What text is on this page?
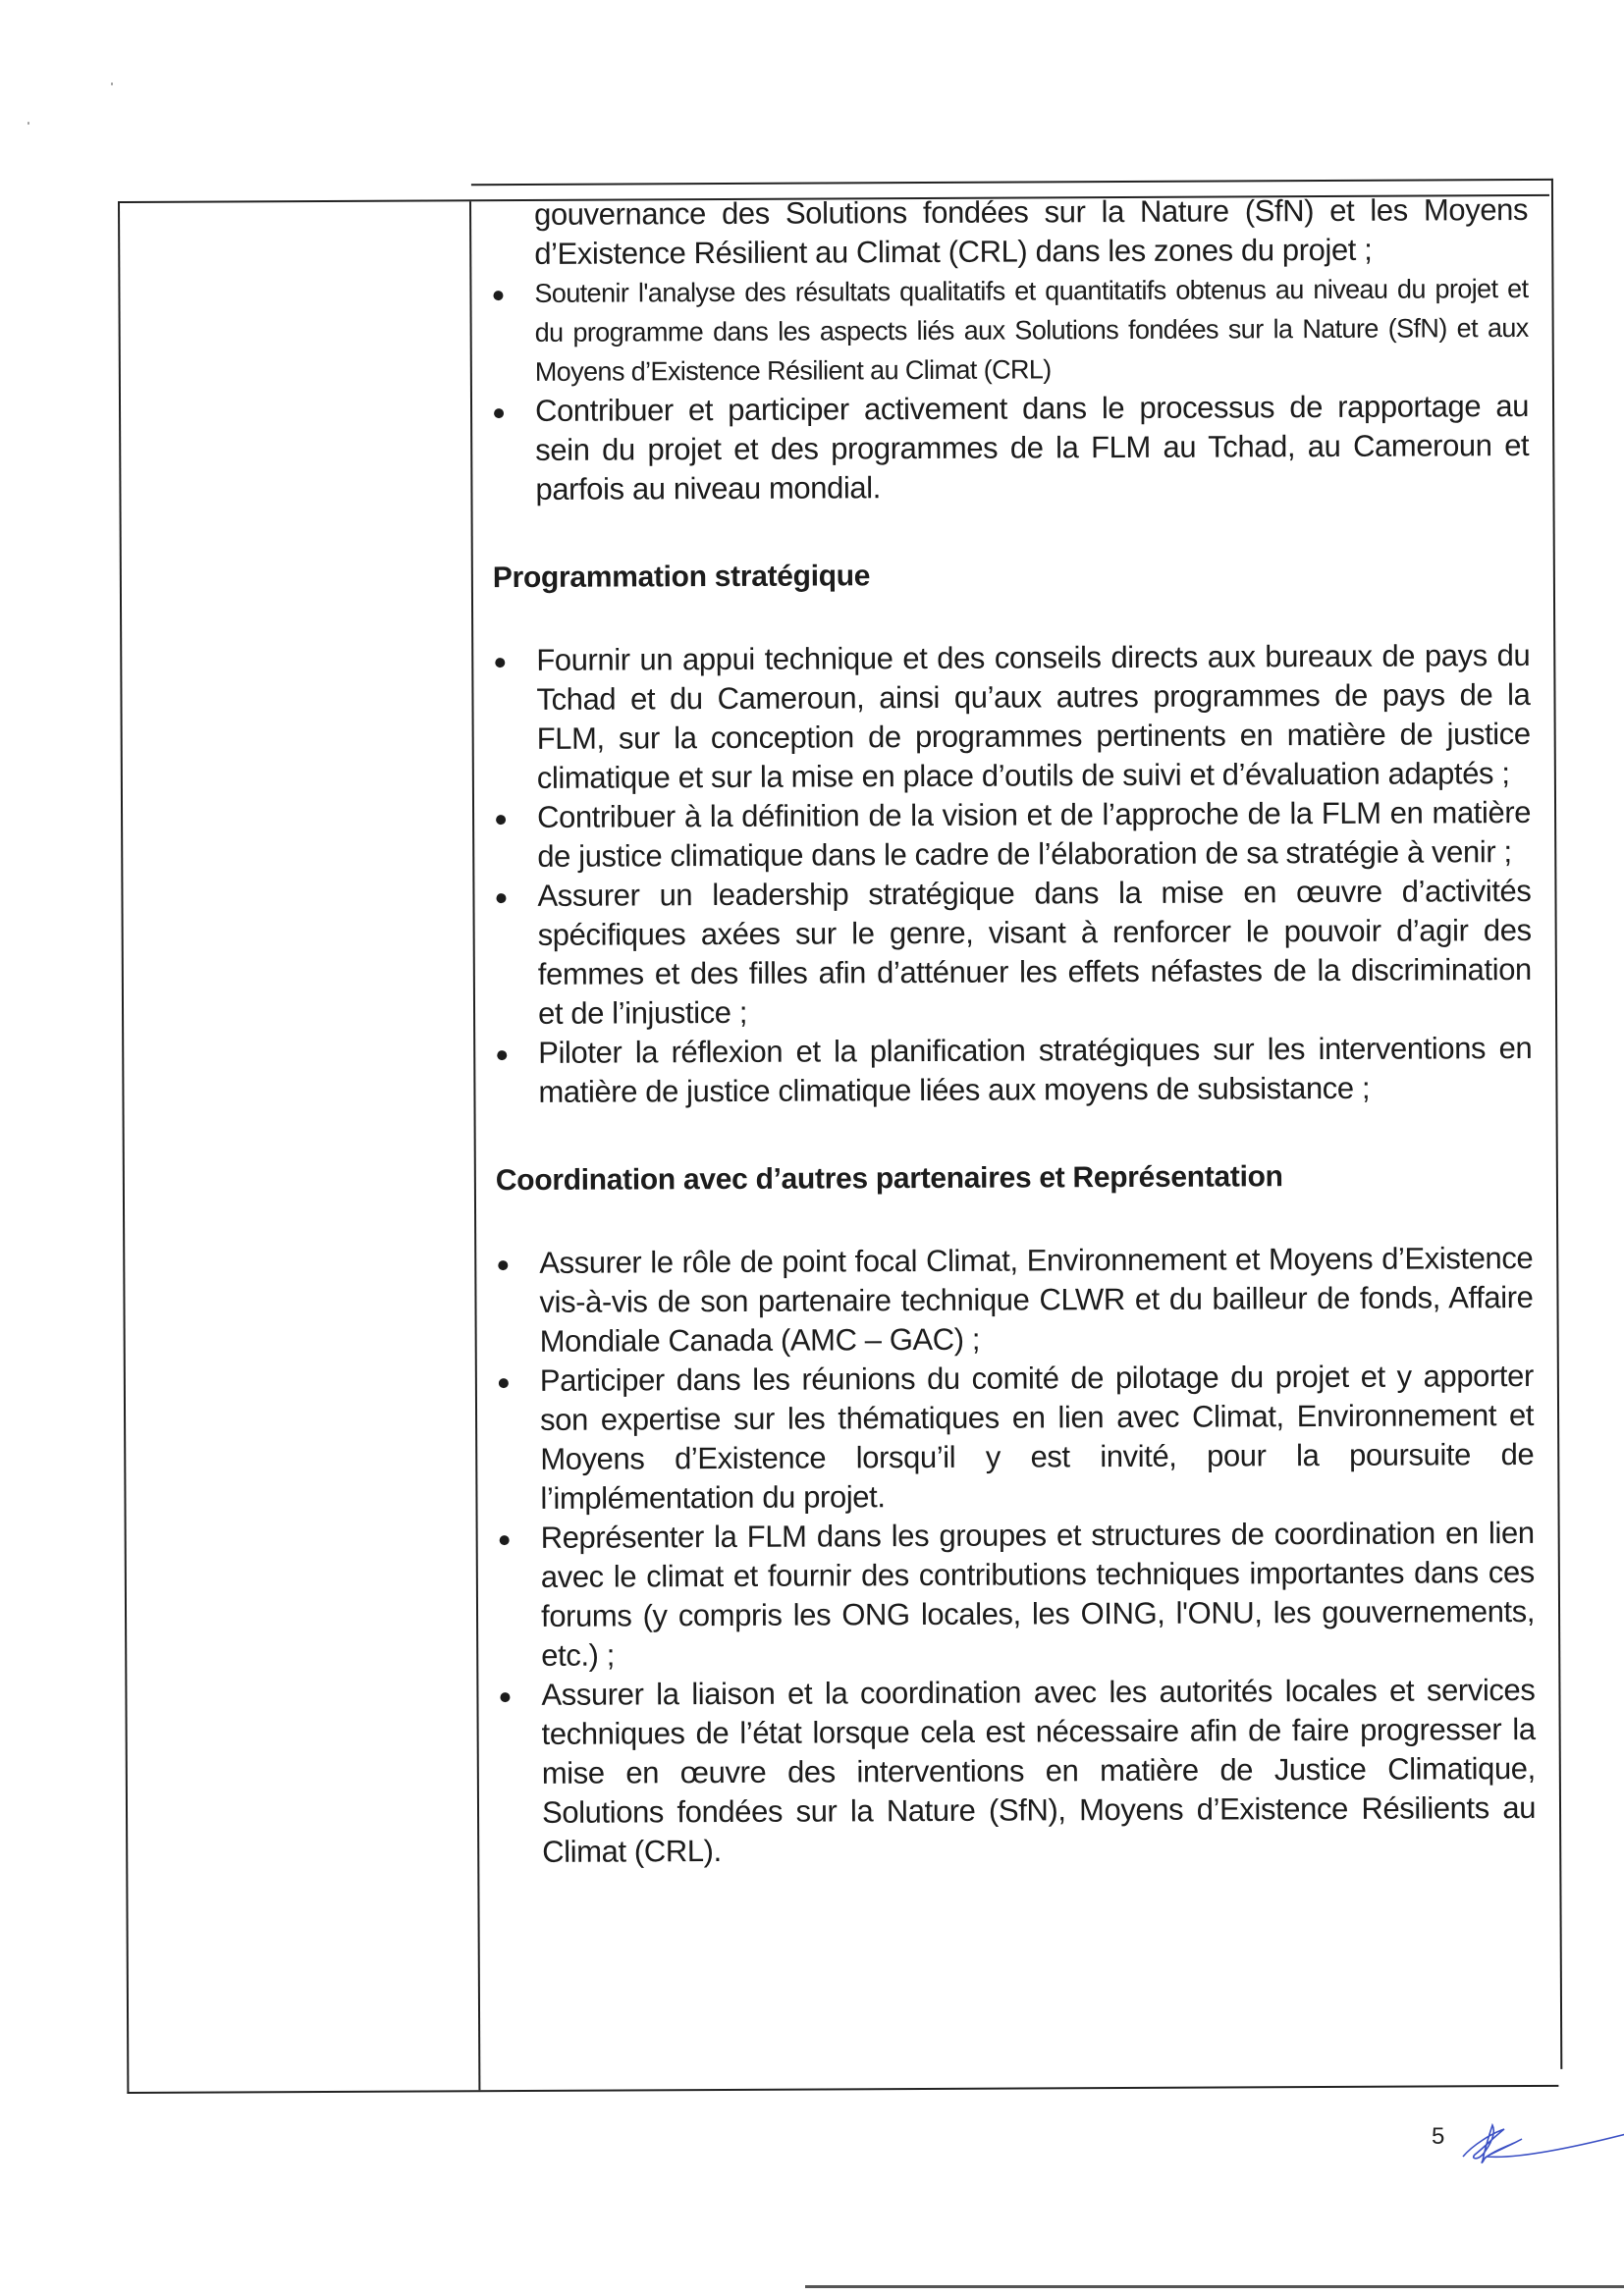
gouvernance des Solutions fondées sur la Nature (SfN) et les Moyens d’Existence Résilient au Climat (CRL) dans les zones du projet ;
Soutenir l'analyse des résultats qualitatifs et quantitatifs obtenus au niveau du projet et du programme dans les aspects liés aux Solutions fondées sur la Nature (SfN) et aux Moyens d’Existence Résilient au Climat (CRL)
Contribuer et participer activement dans le processus de rapportage au sein du projet et des programmes de la FLM au Tchad, au Cameroun et parfois au niveau mondial.
Programmation stratégique
Fournir un appui technique et des conseils directs aux bureaux de pays du Tchad et du Cameroun, ainsi qu’aux autres programmes de pays de la FLM, sur la conception de programmes pertinents en matière de justice climatique et sur la mise en place d’outils de suivi et d’évaluation adaptés ;
Contribuer à la définition de la vision et de l’approche de la FLM en matière de justice climatique dans le cadre de l’élaboration de sa stratégie à venir ;
Assurer un leadership stratégique dans la mise en œuvre d’activités spécifiques axées sur le genre, visant à renforcer le pouvoir d’agir des femmes et des filles afin d’atténuer les effets néfastes de la discrimination et de l’injustice ;
Piloter la réflexion et la planification stratégiques sur les interventions en matière de justice climatique liées aux moyens de subsistance ;
Coordination avec d’autres partenaires et Représentation
Assurer le rôle de point focal Climat, Environnement et Moyens d’Existence vis-à-vis de son partenaire technique CLWR et du bailleur de fonds, Affaire Mondiale Canada (AMC – GAC) ;
Participer dans les réunions du comité de pilotage du projet et y apporter son expertise sur les thématiques en lien avec Climat, Environnement et Moyens d’Existence lorsqu’il y est invité, pour la poursuite de l’implémentation du projet.
Représenter la FLM dans les groupes et structures de coordination en lien avec le climat et fournir des contributions techniques importantes dans ces forums (y compris les ONG locales, les OING, l'ONU, les gouvernements, etc.) ;
Assurer la liaison et la coordination avec les autorités locales et services techniques de l’état lorsque cela est nécessaire afin de faire progresser la mise en œuvre des interventions en matière de Justice Climatique, Solutions fondées sur la Nature (SfN), Moyens d’Existence Résilients au Climat (CRL).
5
